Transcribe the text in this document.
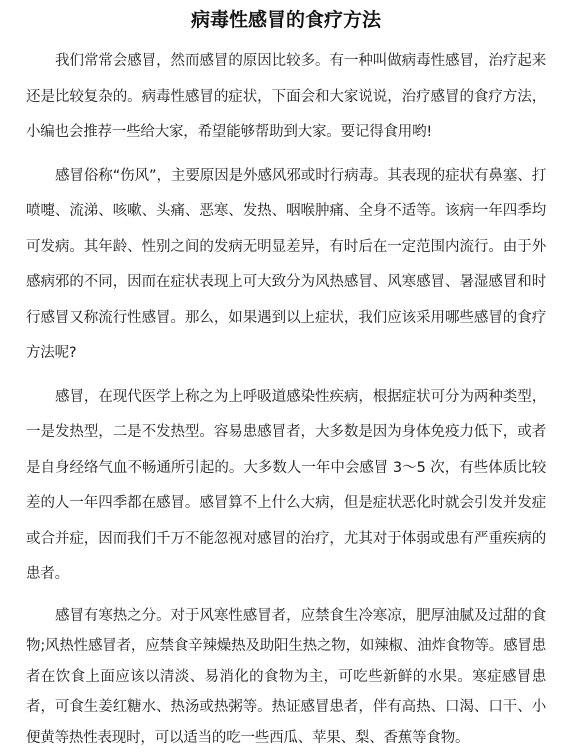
病毒性感冒的食疗方法

我们常常会感冒，然而感冒的原因比较多。有一种叫做病毒性感冒，治疗起来还是比较复杂的。病毒性感冒的症状，下面会和大家说说，治疗感冒的食疗方法，小编也会推荐一些给大家，希望能够帮助到大家。要记得食用哟!

感冒俗称“伤风”，主要原因是外感风邪或时行病毒。其表现的症状有鼻塞、打喷嚏、流涕、咳嗽、头痛、恶寒、发热、咽喉肿痛、全身不适等。该病一年四季均可发病。其年龄、性别之间的发病无明显差异，有时后在一定范围内流行。由于外感病邪的不同，因而在症状表现上可大致分为风热感冒、风寒感冒、暑湿感冒和时行感冒又称流行性感冒。那么，如果遇到以上症状，我们应该采用哪些感冒的食疗方法呢?

感冒，在现代医学上称之为上呼吸道感染性疾病，根据症状可分为两种类型，一是发热型，二是不发热型。容易患感冒者，大多数是因为身体免疫力低下，或者是自身经络气血不畅通所引起的。大多数人一年中会感冒 3～5 次，有些体质比较差的人一年四季都在感冒。感冒算不上什么大病，但是症状恶化时就会引发并发症或合并症，因而我们千万不能忽视对感冒的治疗，尤其对于体弱或患有严重疾病的患者。

感冒有寒热之分。对于风寒性感冒者，应禁食生冷寒凉，肥厚油腻及过甜的食物;风热性感冒者，应禁食辛辣燥热及助阳生热之物，如辣椒、油炸食物等。感冒患者在饮食上面应该以清淡、易消化的食物为主，可吃些新鲜的水果。寒症感冒患者，可食生姜红糖水、热汤或热粥等。热证感冒患者，伴有高热、口渴、口干、小便黄等热性表现时，可以适当的吃一些西瓜、苹果、梨、香蕉等食物。
